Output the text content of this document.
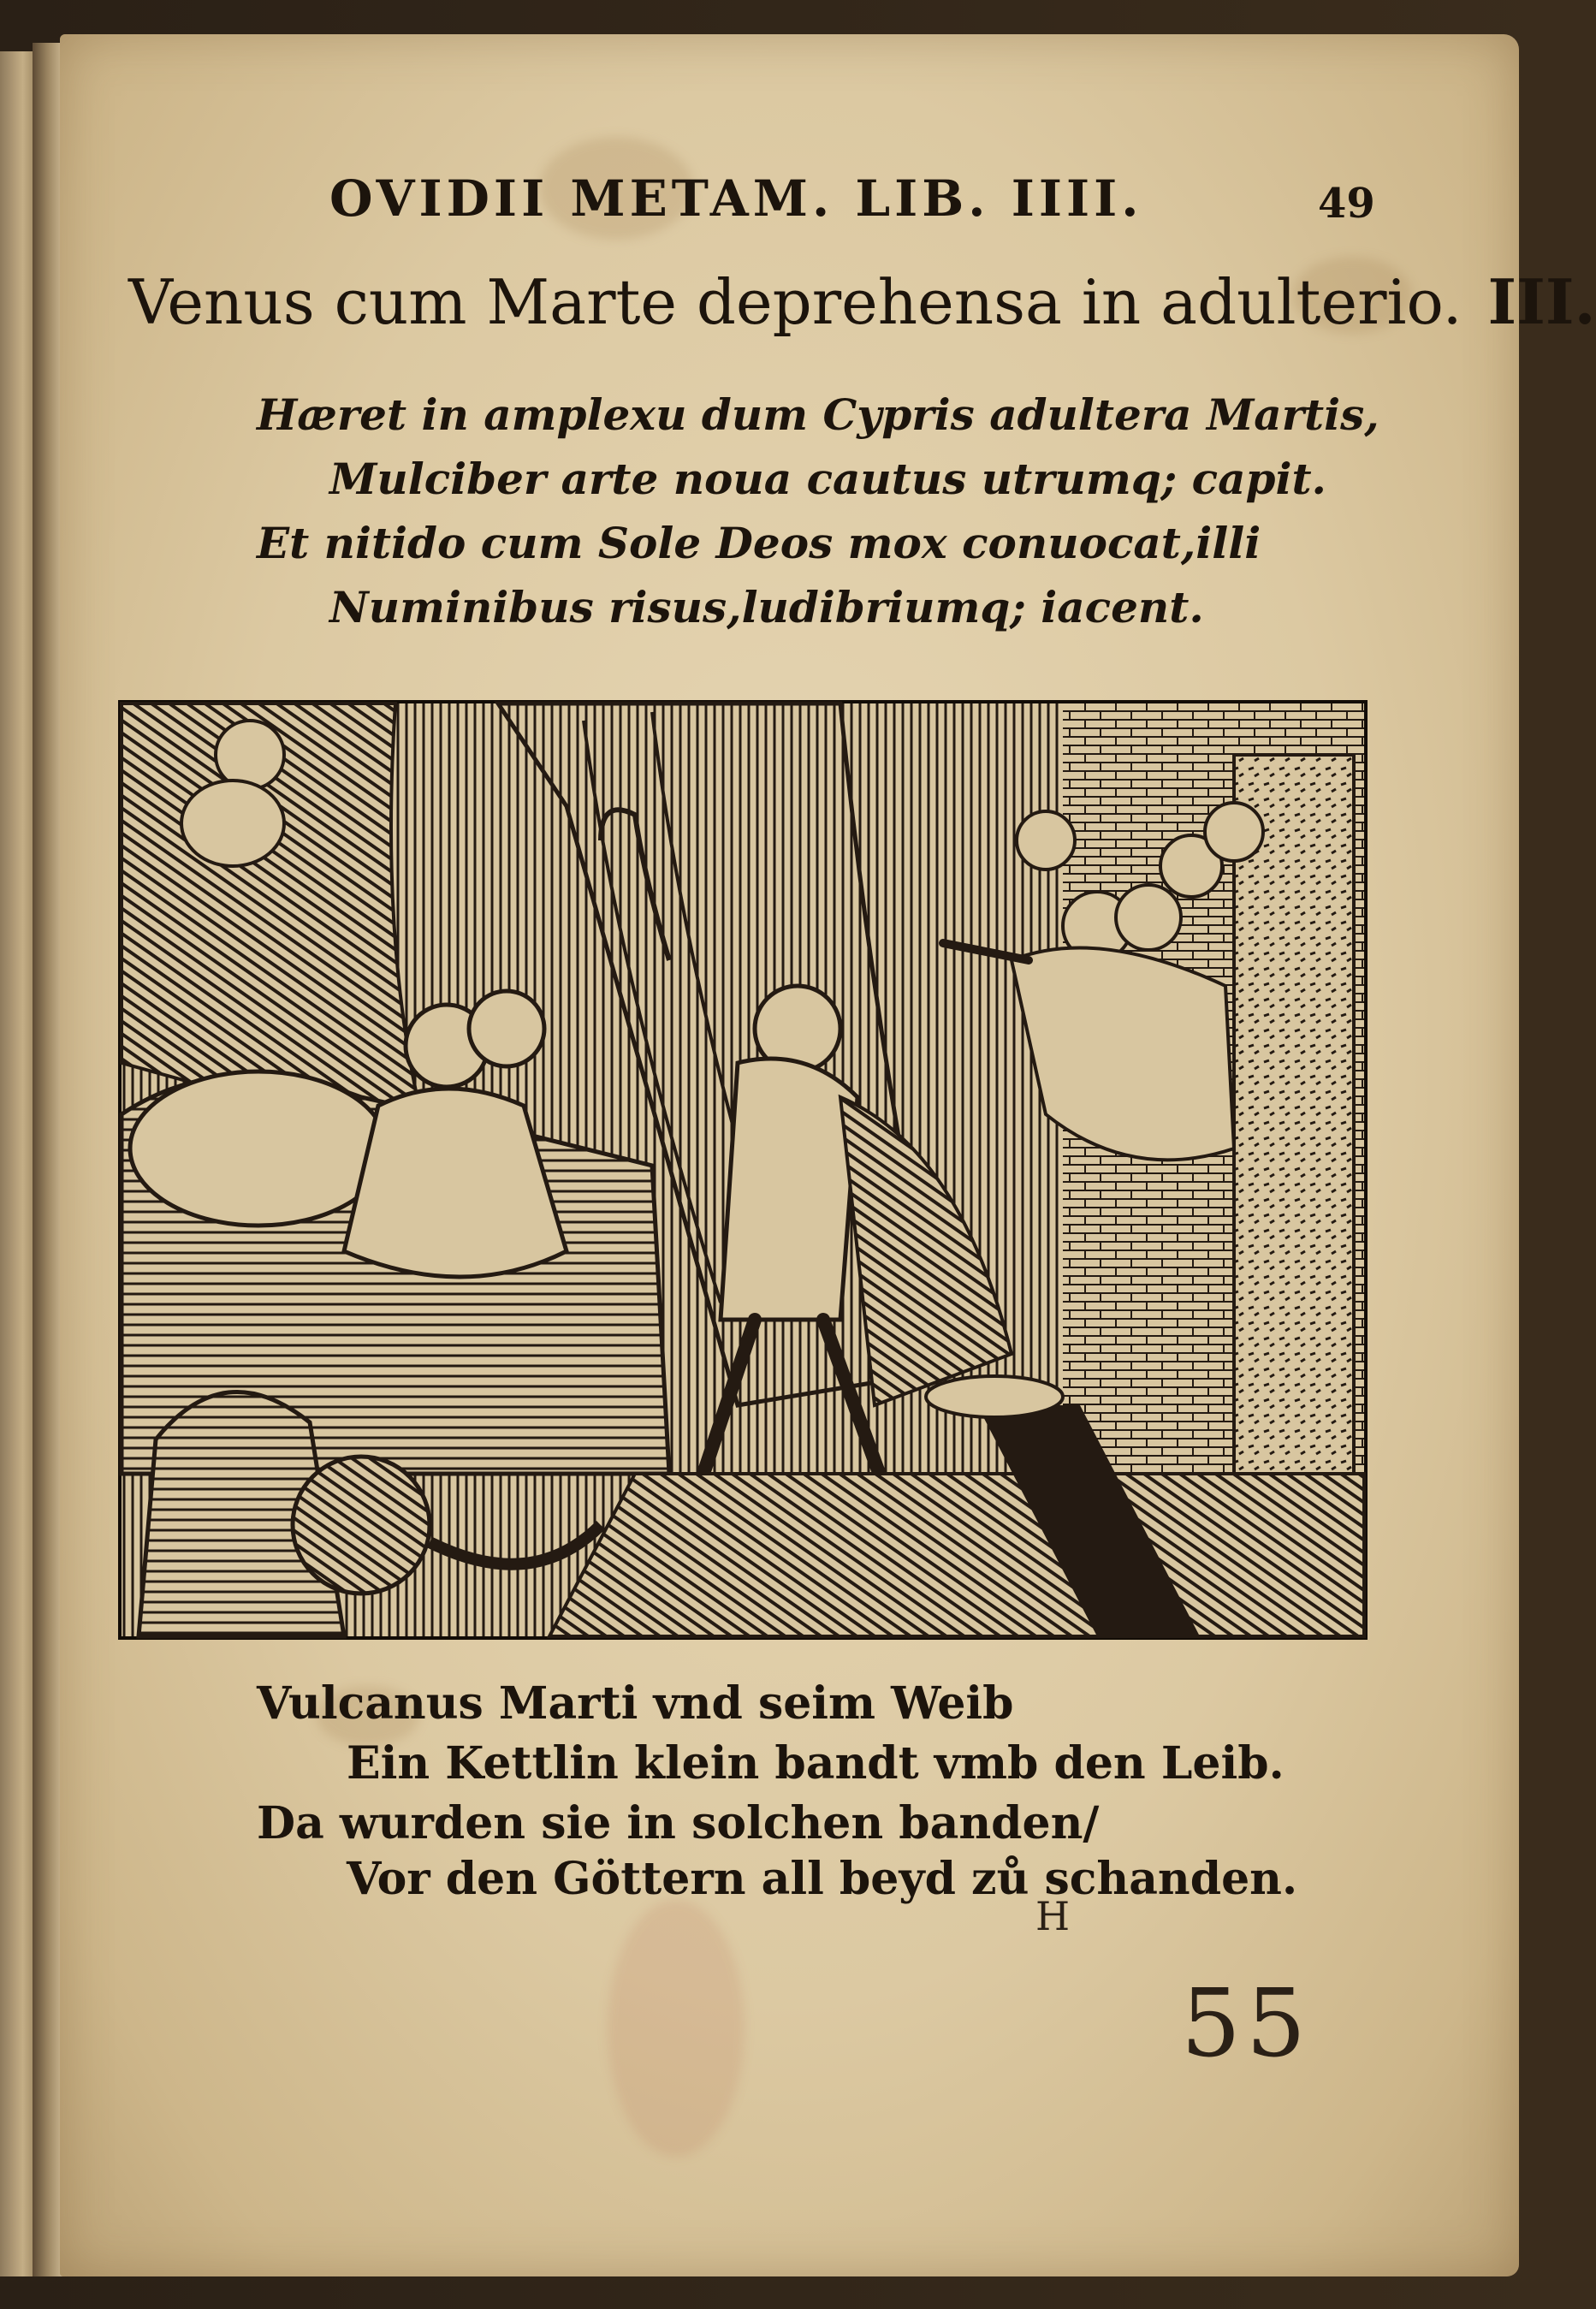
OVIDII METAM. LIB. IIII.	49
Venus cum Marte deprehensa in adulterio. III.
Hæret in amplexu dum Cypris adultera Martis,
Mulciber arte noua cautus utrumq; capit.
Et nitido cum Sole Deos mox conuocat,illi
Numinibus risus,ludibriumq; iacent.
Vulcanus Marti vnd seim Weib
Ein Kettlin klein bandt vmb den Leib.
Da wurden sie in solchen banden/
Vor den Göttern all beyd zů schanden.
H
55
